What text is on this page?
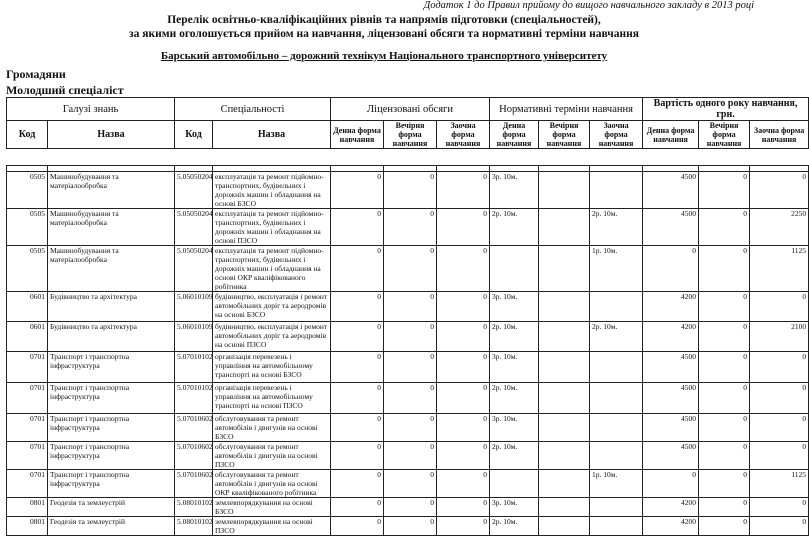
Додаток 1 до Правил прийому до вищого навчального закладу в 2013 році
Перелік освітньо-кваліфікаційних рівнів та напрямів підготовки (спеціальностей),
за якими оголошується прийом на навчання, ліцензовані обсяги та нормативні терміни навчання
Барський автомобільно – дорожний технікум Національного транспортного університету
Громадяни
Молодший спеціаліст
Галузі знань		Спеціальності		Ліцензовані обсяги			Нормативні терміни навчання			Вартість одного року навчання, грн.		
Код	Назва	Код	Назва	Денна форма навчання	Вечірня форма навчання	Заочна форма навчання	Денна форма навчання	Вечірня форма навчання	Заочна форма навчання	Денна форма навчання	Вечірня форма навчання	Заочна форма навчання

0505	Машинобудування та матеріалообробка	5.05050204	експлуатація та ремонт підйомно-транспортних, будівельних і дорожніх машин і обладнання на основі БЗСО	0	0	0	3р. 10м.			4500	0	0
0505	Машинобудування та матеріалообробка	5.05050204	експлуатація та ремонт підйомно-транспортних, будівельних і дорожніх машин і обладнання на основі ПЗСО	0	0	0	2р. 10м.		2р. 10м.	4500	0	2250
0505	Машинобудування та матеріалообробка	5.05050204	експлуатація та ремонт підйомно-транспортних, будівельних і дорожніх машин і обладнання на основі ОКР кваліфікованого робітника	0	0	0			1р. 10м.	0	0	1125
0601	Будівництво та архітектура	5.06010109	будівництво, експлуатація і ремонт автомобільних доріг та аеродромів на основі БЗСО	0	0	0	3р. 10м.			4200	0	0
0601	Будівництво та архітектура	5.06010109	будівництво, експлуатація і ремонт автомобільних доріг та аеродромів на основі ПЗСО	0	0	0	2р. 10м.		2р. 10м.	4200	0	2100
0701	Транспорт і транспортна інфраструктура	5.07010102	організація перевезень і управління на автомобільному транспорті на основі БЗСО	0	0	0	3р. 10м.			4500	0	0
0701	Транспорт і транспортна інфраструктура	5.07010102	організація перевезень і управління на автомобільному транспорті на основі ПЗСО	0	0	0	2р. 10м.			4500	0	0
0701	Транспорт і транспортна інфраструктура	5.07010602	обслуговування та ремонт автомобілів і двигунів на основі БЗСО	0	0	0	3р. 10м.			4500	0	0
0701	Транспорт і транспортна інфраструктура	5.07010602	обслуговування та ремонт автомобілів і двигунів на основі ПЗСО	0	0	0	2р. 10м.			4500	0	0
0701	Транспорт і транспортна інфраструктура	5.07010602	обслуговування та ремонт автомобілів і двигунів на основі ОКР кваліфікованого робітника	0	0	0			1р. 10м.	0	0	1125
0801	Геодезія та землеустрій	5.08010102	землевпорядкування на основі БЗСО	0	0	0	3р. 10м.			4200	0	0
0801	Геодезія та землеустрій	5.08010102	землевпорядкування на основі ПЗСО	0	0	0	2р. 10м.			4200	0	0
